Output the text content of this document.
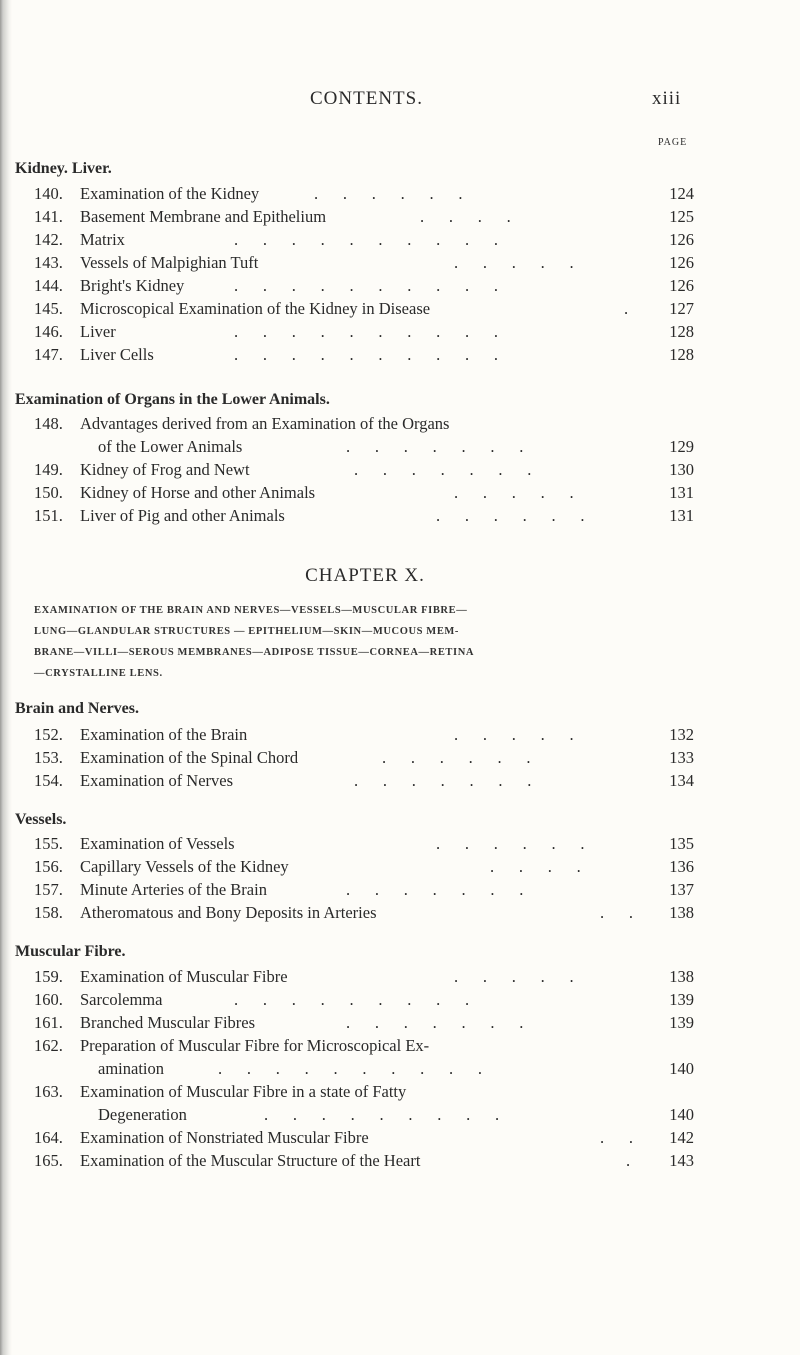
CONTENTS.	xiii
PAGE
Kidney. Liver.
140.	Examination of the Kidney	.      .      .      .      .      .	124
141.	Basement Membrane and Epithelium	.      .      .      .	125
142.	Matrix	.      .      .      .      .      .      .      .      .      .	126
143.	Vessels of Malpighian Tuft	.      .      .      .      .	126
144.	Bright's Kidney	.      .      .      .      .      .      .      .      .      .	126
145.	Microscopical Examination of the Kidney in Disease	. 127
146.	Liver	.      .      .      .      .      .      .      .      .      .	128
147.	Liver Cells	.      .      .      .      .      .      .      .      .      .	128
Examination of Organs in the Lower Animals.
148.	Advantages derived from an Examination of the Organs
of the Lower Animals	.      .      .      .      .      .      .	129
149.	Kidney of Frog and Newt	.      .      .      .      .      .      .	130
150.	Kidney of Horse and other Animals	.      .      .      .      .	131
151.	Liver of Pig and other Animals	.      .      .      .      .      .	131
CHAPTER X.
EXAMINATION OF THE BRAIN AND NERVES—VESSELS—MUSCULAR FIBRE—
LUNG—GLANDULAR STRUCTURES — EPITHELIUM—SKIN—MUCOUS MEM-
BRANE—VILLI—SEROUS MEMBRANES—ADIPOSE TISSUE—CORNEA—RETINA
—CRYSTALLINE LENS.
Brain and Nerves.
152.	Examination of the Brain	.      .      .      .      .	132
153.	Examination of the Spinal Chord	.      .      .      .      .      .	133
154.	Examination of Nerves	.      .      .      .      .      .      .	134
Vessels.
155.	Examination of Vessels	.      .      .      .      .      .	135
156.	Capillary Vessels of the Kidney	.      .      .      .	136
157.	Minute Arteries of the Brain	.      .      .      .      .      .      .	137
158.	Atheromatous and Bony Deposits in Arteries	.      . 138
Muscular Fibre.
159.	Examination of Muscular Fibre	.      .      .      .      .	138
160.	Sarcolemma	.      .      .      .      .      .      .      .      .	139
161.	Branched Muscular Fibres	.      .      .      .      .      .      .	139
162.	Preparation of Muscular Fibre for Microscopical Ex-
amination	.      .      .      .      .      .      .      .      .      .	140
163.	Examination of Muscular Fibre in a state of Fatty
Degeneration	.      .      .      .      .      .      .      .      .	140
164.	Examination of Nonstriated Muscular Fibre	.      . 142
165.	Examination of the Muscular Structure of the Heart	. 143
